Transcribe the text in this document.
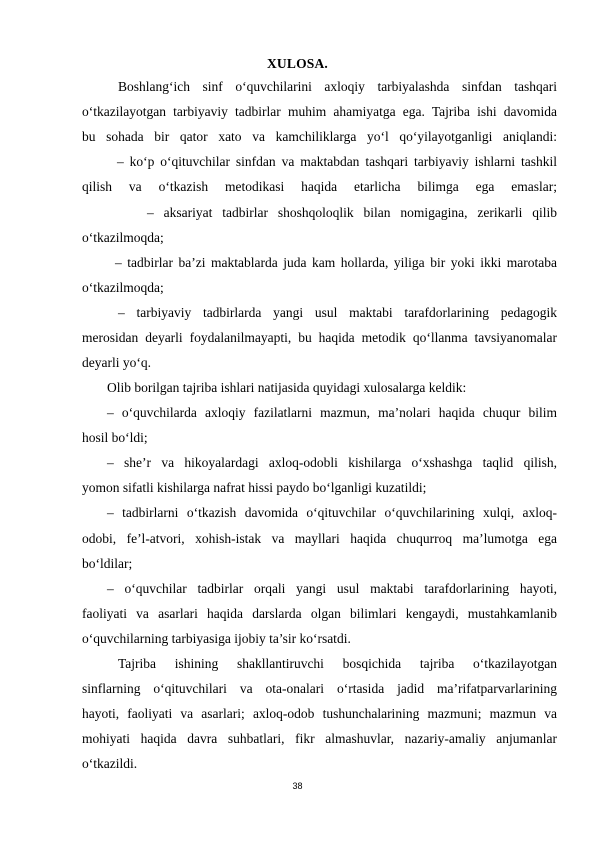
XULOSA.
Boshlang‘ich sinf o‘quvchilarini axloqiy tarbiyalashda sinfdan tashqari
o‘tkazilayotgan tarbiyaviy tadbirlar muhim ahamiyatga ega. Tajriba ishi davomida
bu sohada bir qator xato va kamchiliklarga yo‘l qo‘yilayotganligi aniqlandi:
– ko‘p o‘qituvchilar sinfdan va maktabdan tashqari tarbiyaviy ishlarni tashkil
qilish va o‘tkazish metodikasi haqida etarlicha bilimga ega emaslar;
– aksariyat tadbirlar shoshqoloqlik bilan nomigagina, zerikarli qilib
o‘tkazilmoqda;
– tadbirlar ba’zi maktablarda juda kam hollarda, yiliga bir yoki ikki marotaba
o‘tkazilmoqda;
– tarbiyaviy tadbirlarda yangi usul maktabi tarafdorlarining pedagogik
merosidan deyarli foydalanilmayapti, bu haqida metodik qo‘llanma tavsiyanomalar
deyarli yo‘q.
Olib borilgan tajriba ishlari natijasida quyidagi xulosalarga keldik:
– o‘quvchilarda axloqiy fazilatlarni mazmun, ma’nolari haqida chuqur bilim
hosil bo‘ldi;
– she’r va hikoyalardagi axloq-odobli kishilarga o‘xshashga taqlid qilish,
yomon sifatli kishilarga nafrat hissi paydo bo‘lganligi kuzatildi;
– tadbirlarni o‘tkazish davomida o‘qituvchilar o‘quvchilarining xulqi, axloq-
odobi, fe’l-atvori, xohish-istak va mayllari haqida chuqurroq ma’lumotga ega
bo‘ldilar;
– o‘quvchilar tadbirlar orqali yangi usul maktabi tarafdorlarining hayoti,
faoliyati va asarlari haqida darslarda olgan bilimlari kengaydi, mustahkamlanib
o‘quvchilarning tarbiyasiga ijobiy ta’sir ko‘rsatdi.
Tajriba ishining shakllantiruvchi bosqichida tajriba o‘tkazilayotgan
sinflarning o‘qituvchilari va ota-onalari o‘rtasida jadid ma’rifatparvarlarining
hayoti, faoliyati va asarlari; axloq-odob tushunchalarining mazmuni; mazmun va
mohiyati haqida davra suhbatlari, fikr almashuvlar, nazariy-amaliy anjumanlar
o‘tkazildi.
38
